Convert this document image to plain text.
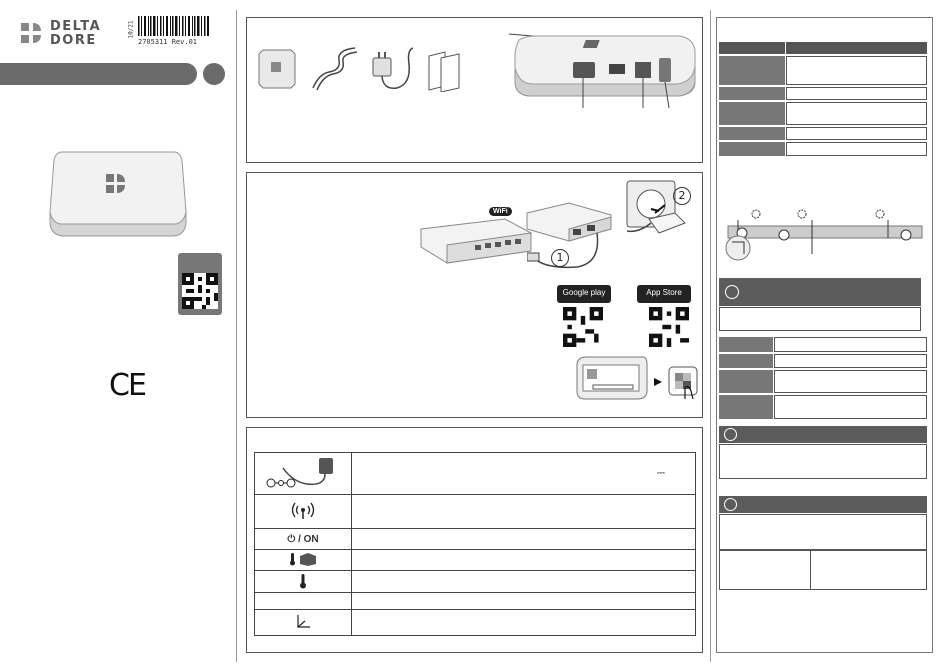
DELTA
DORE
10/21
2705311 Rev.01
CE
WiFi
1
2
Google play	App Store
	⎓

⏻ / ON	
